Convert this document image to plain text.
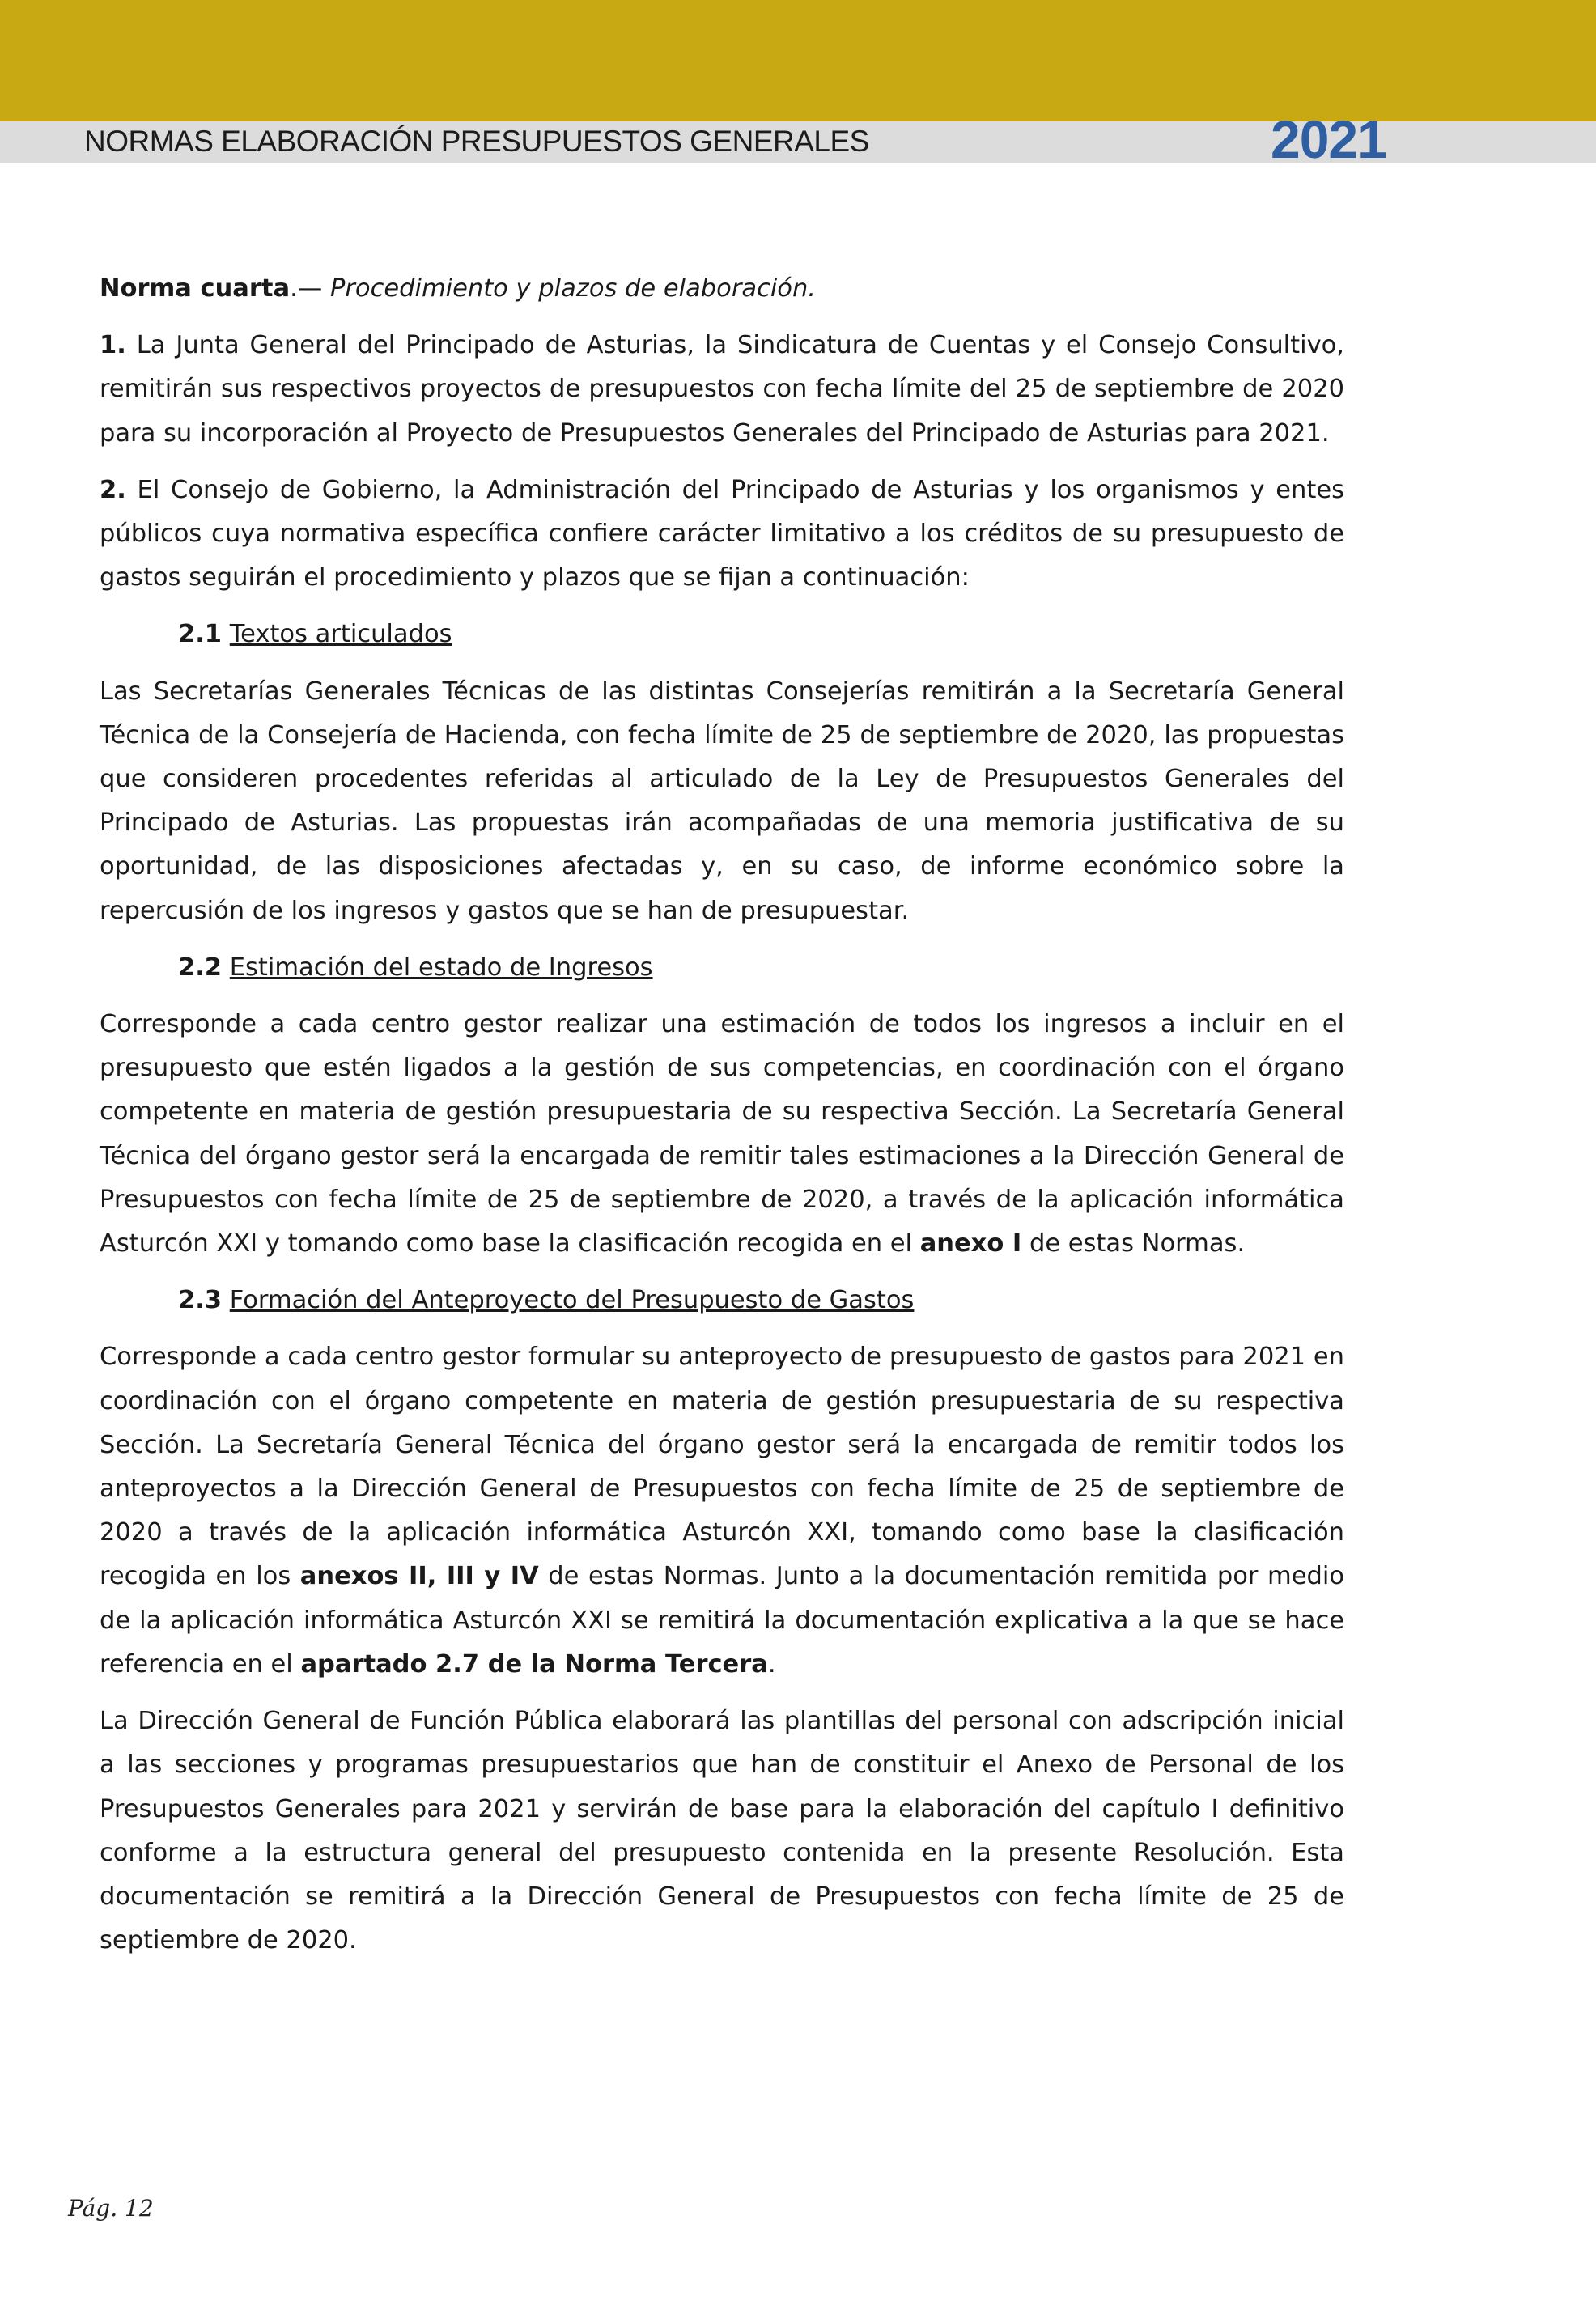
NORMAS ELABORACIÓN PRESUPUESTOS GENERALES	2021

Norma cuarta.— Procedimiento y plazos de elaboración.

1. La Junta General del Principado de Asturias, la Sindicatura de Cuentas y el Consejo Consultivo, remitirán sus respectivos proyectos de presupuestos con fecha límite del 25 de septiembre de 2020 para su incorporación al Proyecto de Presupuestos Generales del Principado de Asturias para 2021.

2. El Consejo de Gobierno, la Administración del Principado de Asturias y los organismos y entes públicos cuya normativa específica confiere carácter limitativo a los créditos de su presupuesto de gastos seguirán el procedimiento y plazos que se fijan a continuación:

2.1 Textos articulados

Las Secretarías Generales Técnicas de las distintas Consejerías remitirán a la Secretaría General Técnica de la Consejería de Hacienda, con fecha límite de 25 de septiembre de 2020, las propuestas que consideren procedentes referidas al articulado de la Ley de Presupuestos Generales del Principado de Asturias. Las propuestas irán acompañadas de una memoria justificativa de su oportunidad, de las disposiciones afectadas y, en su caso, de informe económico sobre la repercusión de los ingresos y gastos que se han de presupuestar.

2.2 Estimación del estado de Ingresos

Corresponde a cada centro gestor realizar una estimación de todos los ingresos a incluir en el presupuesto que estén ligados a la gestión de sus competencias, en coordinación con el órgano competente en materia de gestión presupuestaria de su respectiva Sección. La Secretaría General Técnica del órgano gestor será la encargada de remitir tales estimaciones a la Dirección General de Presupuestos con fecha límite de 25 de septiembre de 2020, a través de la aplicación informática Asturcón XXI y tomando como base la clasificación recogida en el anexo I de estas Normas.

2.3 Formación del Anteproyecto del Presupuesto de Gastos

Corresponde a cada centro gestor formular su anteproyecto de presupuesto de gastos para 2021 en coordinación con el órgano competente en materia de gestión presupuestaria de su respectiva Sección. La Secretaría General Técnica del órgano gestor será la encargada de remitir todos los anteproyectos a la Dirección General de Presupuestos con fecha límite de 25 de septiembre de 2020 a través de la aplicación informática Asturcón XXI, tomando como base la clasificación recogida en los anexos II, III y IV de estas Normas. Junto a la documentación remitida por medio de la aplicación informática Asturcón XXI se remitirá la documentación explicativa a la que se hace referencia en el apartado 2.7 de la Norma Tercera.

La Dirección General de Función Pública elaborará las plantillas del personal con adscripción inicial a las secciones y programas presupuestarios que han de constituir el Anexo de Personal de los Presupuestos Generales para 2021 y servirán de base para la elaboración del capítulo I definitivo conforme a la estructura general del presupuesto contenida en la presente Resolución. Esta documentación se remitirá a la Dirección General de Presupuestos con fecha límite de 25 de septiembre de 2020.

Pág. 12
